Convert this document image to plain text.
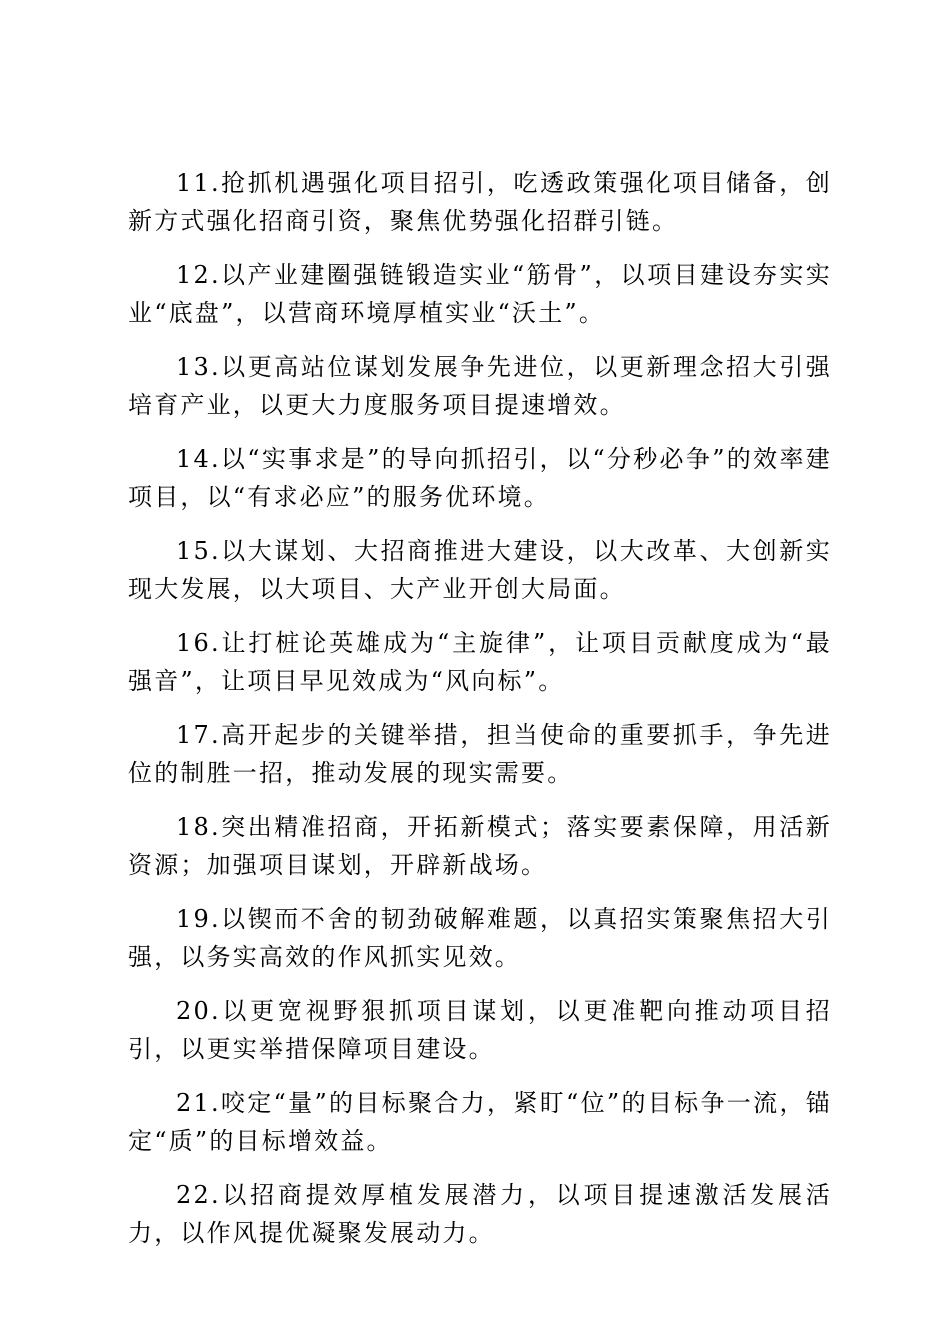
11.抢抓机遇强化项目招引，吃透政策强化项目储备，创新方式强化招商引资，聚焦优势强化招群引链。

12.以产业建圈强链锻造实业“筋骨”，以项目建设夯实实业“底盘”，以营商环境厚植实业“沃土”。

13.以更高站位谋划发展争先进位，以更新理念招大引强培育产业，以更大力度服务项目提速增效。

14.以“实事求是”的导向抓招引，以“分秒必争”的效率建项目，以“有求必应”的服务优环境。

15.以大谋划、大招商推进大建设，以大改革、大创新实现大发展，以大项目、大产业开创大局面。

16.让打桩论英雄成为“主旋律”，让项目贡献度成为“最强音”，让项目早见效成为“风向标”。

17.高开起步的关键举措，担当使命的重要抓手，争先进位的制胜一招，推动发展的现实需要。

18.突出精准招商，开拓新模式；落实要素保障，用活新资源；加强项目谋划，开辟新战场。

19.以锲而不舍的韧劲破解难题，以真招实策聚焦招大引强，以务实高效的作风抓实见效。

20.以更宽视野狠抓项目谋划，以更准靶向推动项目招引，以更实举措保障项目建设。

21.咬定“量”的目标聚合力，紧盯“位”的目标争一流，锚定“质”的目标增效益。

22.以招商提效厚植发展潜力，以项目提速激活发展活力，以作风提优凝聚发展动力。
